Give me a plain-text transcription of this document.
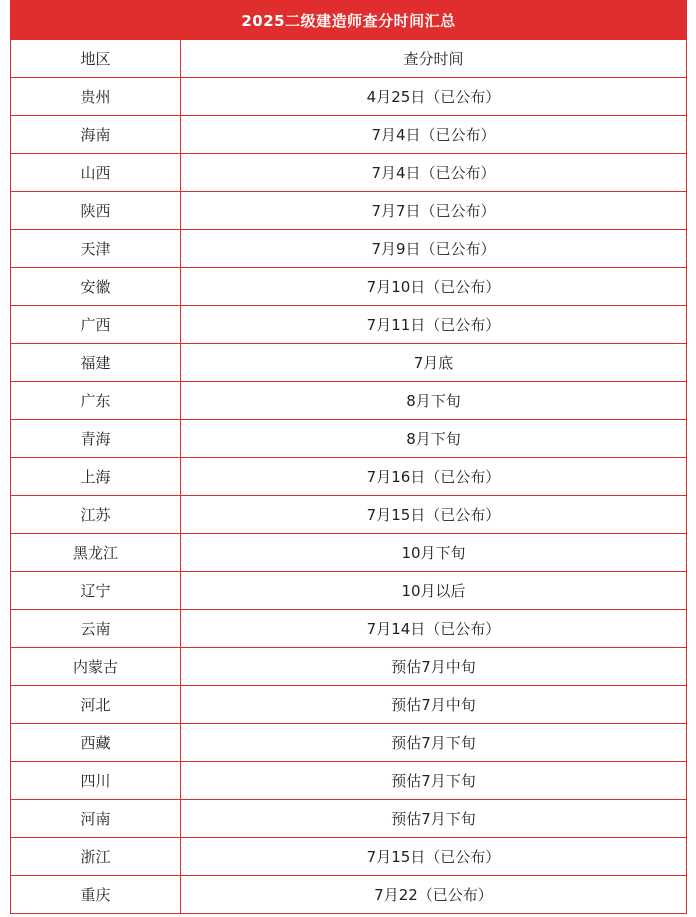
2025二级建造师查分时间汇总	
地区	查分时间
贵州	4月25日（已公布）
海南	7月4日（已公布）
山西	7月4日（已公布）
陕西	7月7日（已公布）
天津	7月9日（已公布）
安徽	7月10日（已公布）
广西	7月11日（已公布）
福建	7月底
广东	8月下旬
青海	8月下旬
上海	7月16日（已公布）
江苏	7月15日（已公布）
黑龙江	10月下旬
辽宁	10月以后
云南	7月14日（已公布）
内蒙古	预估7月中旬
河北	预估7月中旬
西藏	预估7月下旬
四川	预估7月下旬
河南	预估7月下旬
浙江	7月15日（已公布）
重庆	7月22（已公布）
